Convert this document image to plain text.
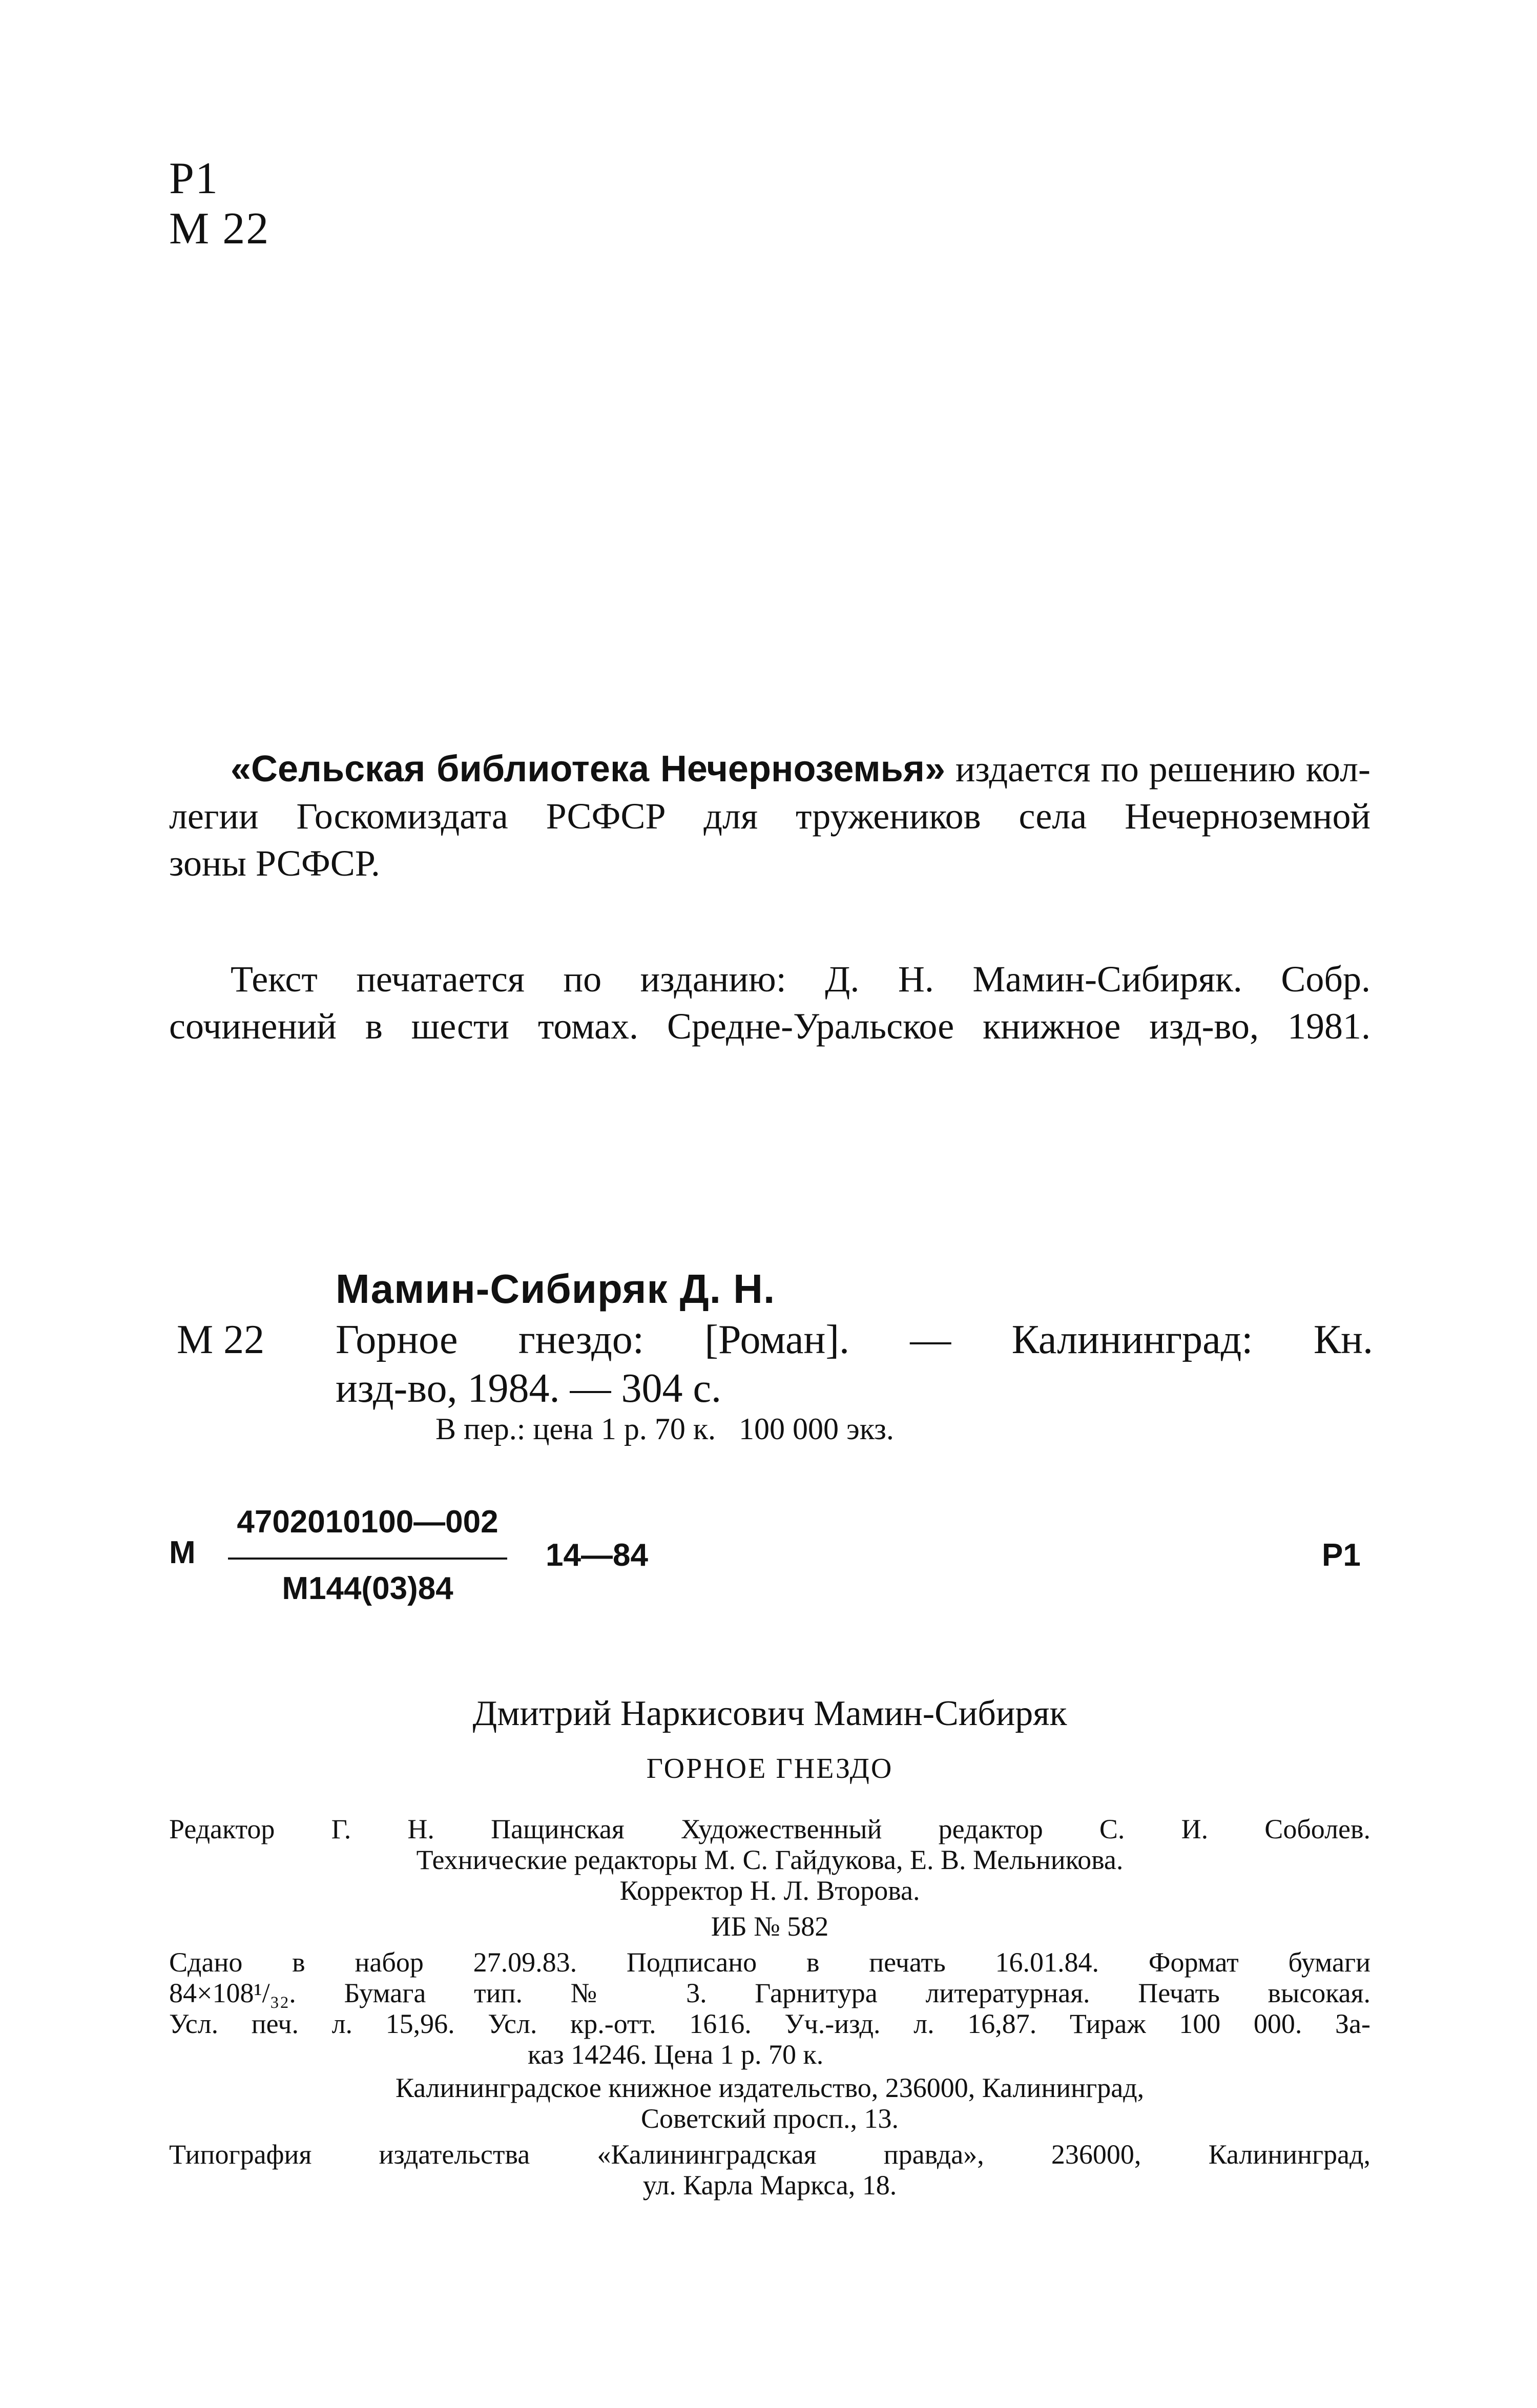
Р1
М 22
«Сельская библиотека Нечерноземья» издается по решению кол-
легии Госкомиздата РСФСР для тружеников села Нечерноземной
зоны РСФСР.
Текст печатается по изданию: Д. Н. Мамин-Сибиряк. Собр.
сочинений в шести томах. Средне-Уральское книжное изд-во, 1981.
Мамин-Сибиряк Д. Н.
М 22 Горное гнездо: [Роман]. — Калининград: Кн.
изд-во, 1984. — 304 с.
В пер.: цена 1 р. 70 к.   100 000 экз.
М
4702010100—002
М144(03)84
14—84	Р1
Дмитрий Наркисович Мамин-Сибиряк
ГОРНОЕ ГНЕЗДО
Редактор Г. Н. Пащинская Художественный редактор С. И. Соболев.
Технические редакторы М. С. Гайдукова, Е. В. Мельникова.
Корректор Н. Л. Второва.
ИБ № 582
Сдано в набор 27.09.83. Подписано в печать 16.01.84. Формат бумаги
84×108¹/₃₂. Бумага тип. № 3. Гарнитура литературная. Печать высокая.
Усл. печ. л. 15,96. Усл. кр.-отт. 1616. Уч.-изд. л. 16,87. Тираж 100 000. За-
каз 14246. Цена 1 р. 70 к.
Калининградское книжное издательство, 236000, Калининград,
Советский просп., 13.
Типография издательства «Калининградская правда», 236000, Калининград,
ул. Карла Маркса, 18.
